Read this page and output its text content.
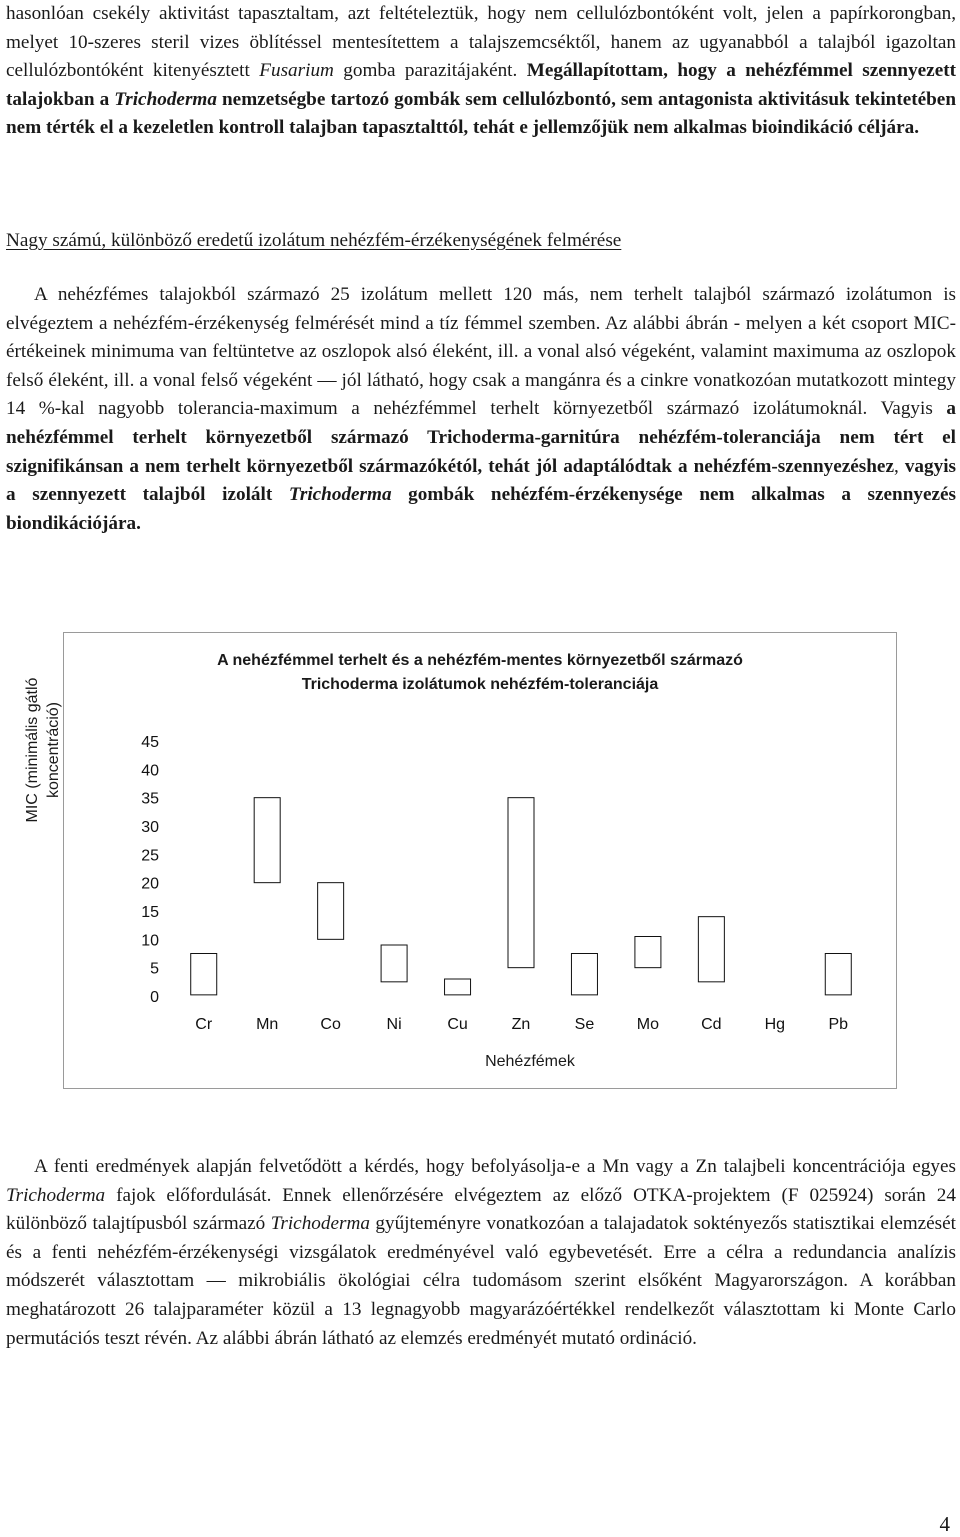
hasonlóan csekély aktivitást tapasztaltam, azt feltételeztük, hogy nem cellulózbontóként volt, jelen a papírkorongban, melyet 10-szeres steril vizes öblítéssel mentesítettem a talajszemcséktől, hanem az ugyanabból a talajból igazoltan cellulózbontóként kitenyésztett Fusarium gomba parazitájaként. Megállapítottam, hogy a nehézfémmel szennyezett talajokban a Trichoderma nemzetségbe tartozó gombák sem cellulózbontó, sem antagonista aktivitásuk tekintetében nem térték el a kezeletlen kontroll talajban tapasztalttól, tehát e jellemzőjük nem alkalmas bioindikáció céljára.

Nagy számú, különböző eredetű izolátum nehézfém-érzékenységének felmérése

A nehézfémes talajokból származó 25 izolátum mellett 120 más, nem terhelt talajból származó izolátumon is elvégeztem a nehézfém-érzékenység felmérését mind a tíz fémmel szemben. Az alábbi ábrán - melyen a két csoport MIC-értékeinek minimuma van feltüntetve az oszlopok alsó éleként, ill. a vonal alsó végeként, valamint maximuma az oszlopok felső éleként, ill. a vonal felső végeként — jól látható, hogy csak a mangánra és a cinkre vonatkozóan mutatkozott mintegy 14 %-kal nagyobb tolerancia-maximum a nehézfémmel terhelt környezetből származó izolátumoknál. Vagyis a nehézfémmel terhelt környezetből származó Trichoderma-garnitúra nehézfém-toleranciája nem tért el szignifikánsan a nem terhelt környezetből származókétól, tehát jól adaptálódtak a nehézfém-szennyezéshez, vagyis a szennyezett talajból izolált Trichoderma gombák nehézfém-érzékenysége nem alkalmas a szennyezés biondikációjára.

A fenti eredmények alapján felvetődött a kérdés, hogy befolyásolja-e a Mn vagy a Zn talajbeli koncentrációja egyes Trichoderma fajok előfordulását. Ennek ellenőrzésére elvégeztem az előző OTKA-projektem (F 025924) során 24 különböző talajtípusból származó Trichoderma gyűjteményre vonatkozóan a talajadatok soktényezős statisztikai elemzését és a fenti nehézfém-érzékenységi vizsgálatok eredményével való egybevetését. Erre a célra a redundancia analízis módszerét választottam — mikrobiális ökológiai célra tudomásom szerint elsőként Magyarországon. A korábban meghatározott 26 talajparaméter közül a 13 legnagyobb magyarázóértékkel rendelkezőt választottam ki Monte Carlo permutációs teszt révén. Az alábbi ábrán látható az elemzés eredményét mutató ordináció.

4
A nehézfémmel terhelt és a nehézfém-mentes környezetből származó
Trichoderma izolátumok nehézfém-toleranciája
0
5
10
15
20
25
30
35
40
45
Cr	Mn	Co	Ni	Cu	Zn	Se	Mo	Cd	Hg	Pb
Nehézfémek
MIC (minimális gátló koncentráció)
